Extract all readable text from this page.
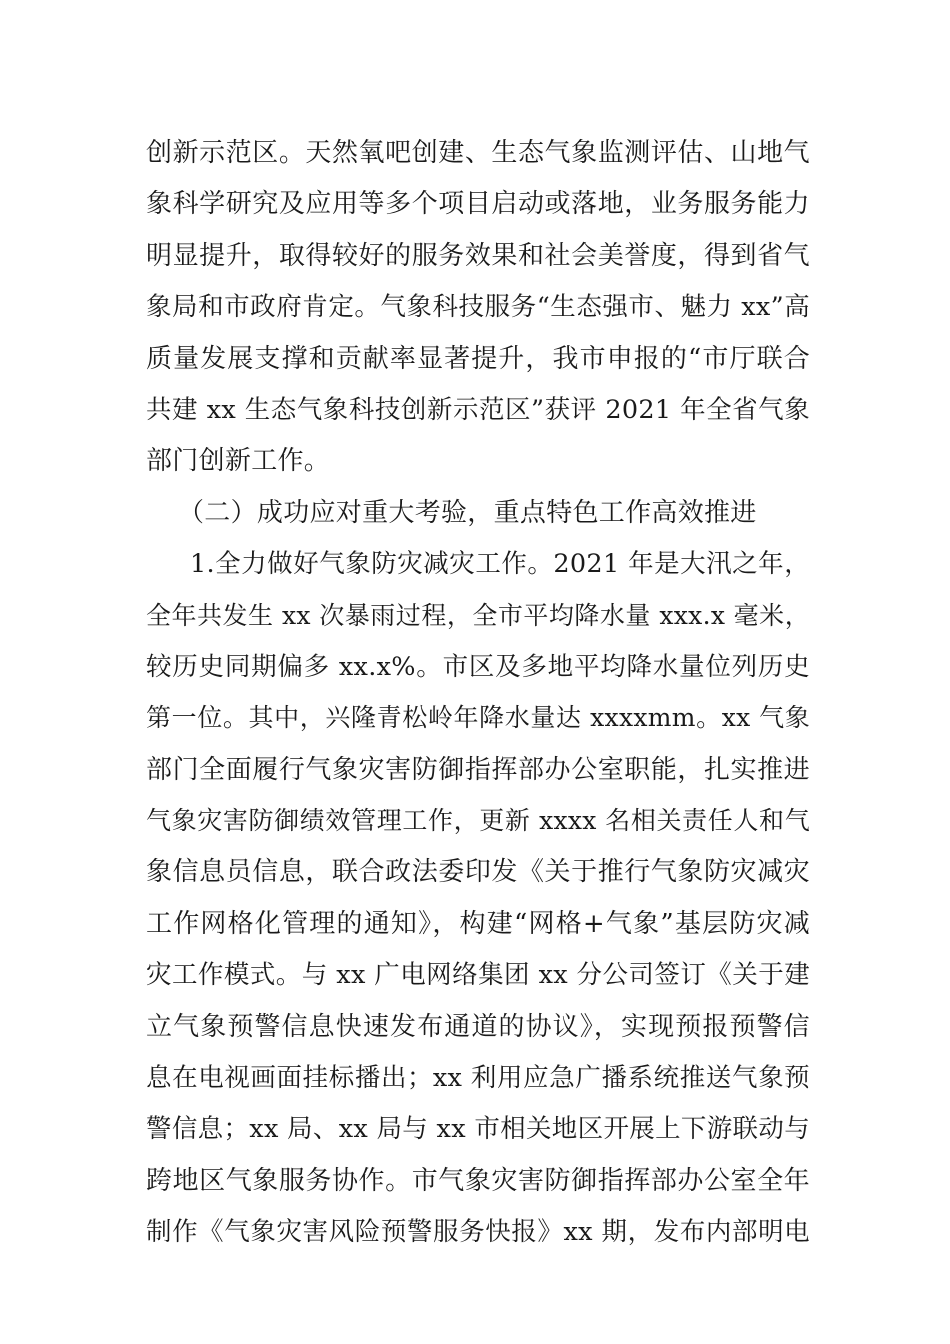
创新示范区。天然氧吧创建、生态气象监测评估、山地气
象科学研究及应用等多个项目启动或落地，业务服务能力
明显提升，取得较好的服务效果和社会美誉度，得到省气
象局和市政府肯定。气象科技服务“生态强市、魅力 xx”高
质量发展支撑和贡献率显著提升，我市申报的“市厅联合
共建 xx 生态气象科技创新示范区”获评 2021 年全省气象
部门创新工作。
（二）成功应对重大考验，重点特色工作高效推进
1.全力做好气象防灾减灾工作。2021 年是大汛之年，
全年共发生 xx 次暴雨过程，全市平均降水量 xxx.x 毫米，
较历史同期偏多 xx.x%。市区及多地平均降水量位列历史
第一位。其中，兴隆青松岭年降水量达 xxxxmm。xx 气象
部门全面履行气象灾害防御指挥部办公室职能，扎实推进
气象灾害防御绩效管理工作，更新 xxxx 名相关责任人和气
象信息员信息，联合政法委印发《关于推行气象防灾减灾
工作网格化管理的通知》，构建“网格+气象”基层防灾减
灾工作模式。与 xx 广电网络集团 xx 分公司签订《关于建
立气象预警信息快速发布通道的协议》，实现预报预警信
息在电视画面挂标播出；xx 利用应急广播系统推送气象预
警信息；xx 局、xx 局与 xx 市相关地区开展上下游联动与
跨地区气象服务协作。市气象灾害防御指挥部办公室全年
制作《气象灾害风险预警服务快报》xx 期，发布内部明电
